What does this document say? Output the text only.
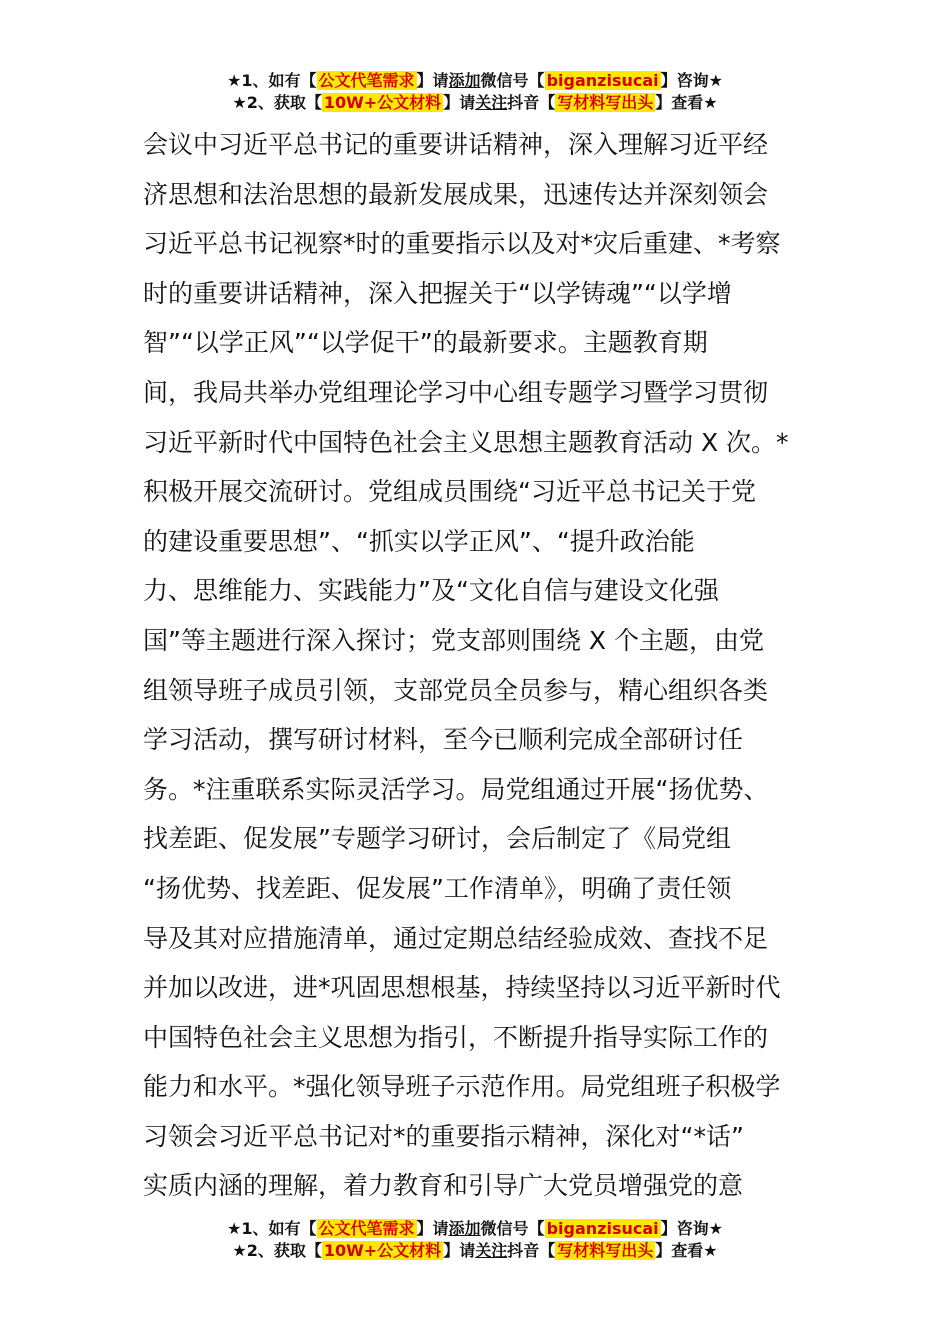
★1、如有【 公文代笔需求 】请添加微信号【 biganzisucai 】咨询★
★2、获取【 10W+公文材料 】请关注抖音【 写材料写出头 】查看★
会议中习近平总书记的重要讲话精神，深入理解习近平经
济思想和法治思想的最新发展成果，迅速传达并深刻领会
习近平总书记视察*时的重要指示以及对*灾后重建、*考察
时的重要讲话精神，深入把握关于“以学铸魂”“以学增
智”“以学正风”“以学促干”的最新要求。主题教育期
间，我局共举办党组理论学习中心组专题学习暨学习贯彻
习近平新时代中国特色社会主义思想主题教育活动 X 次。*
积极开展交流研讨。党组成员围绕“习近平总书记关于党
的建设重要思想”、“抓实以学正风”、“提升政治能
力、思维能力、实践能力”及“文化自信与建设文化强
国”等主题进行深入探讨；党支部则围绕 X 个主题，由党
组领导班子成员引领，支部党员全员参与，精心组织各类
学习活动，撰写研讨材料，至今已顺利完成全部研讨任
务。*注重联系实际灵活学习。局党组通过开展“扬优势、
找差距、促发展”专题学习研讨，会后制定了《局党组
“扬优势、找差距、促发展”工作清单》，明确了责任领
导及其对应措施清单，通过定期总结经验成效、查找不足
并加以改进，进*巩固思想根基，持续坚持以习近平新时代
中国特色社会主义思想为指引，不断提升指导实际工作的
能力和水平。*强化领导班子示范作用。局党组班子积极学
习领会习近平总书记对*的重要指示精神，深化对“*话”
实质内涵的理解，着力教育和引导广大党员增强党的意
★1、如有【 公文代笔需求 】请添加微信号【 biganzisucai 】咨询★
★2、获取【 10W+公文材料 】请关注抖音【 写材料写出头 】查看★
